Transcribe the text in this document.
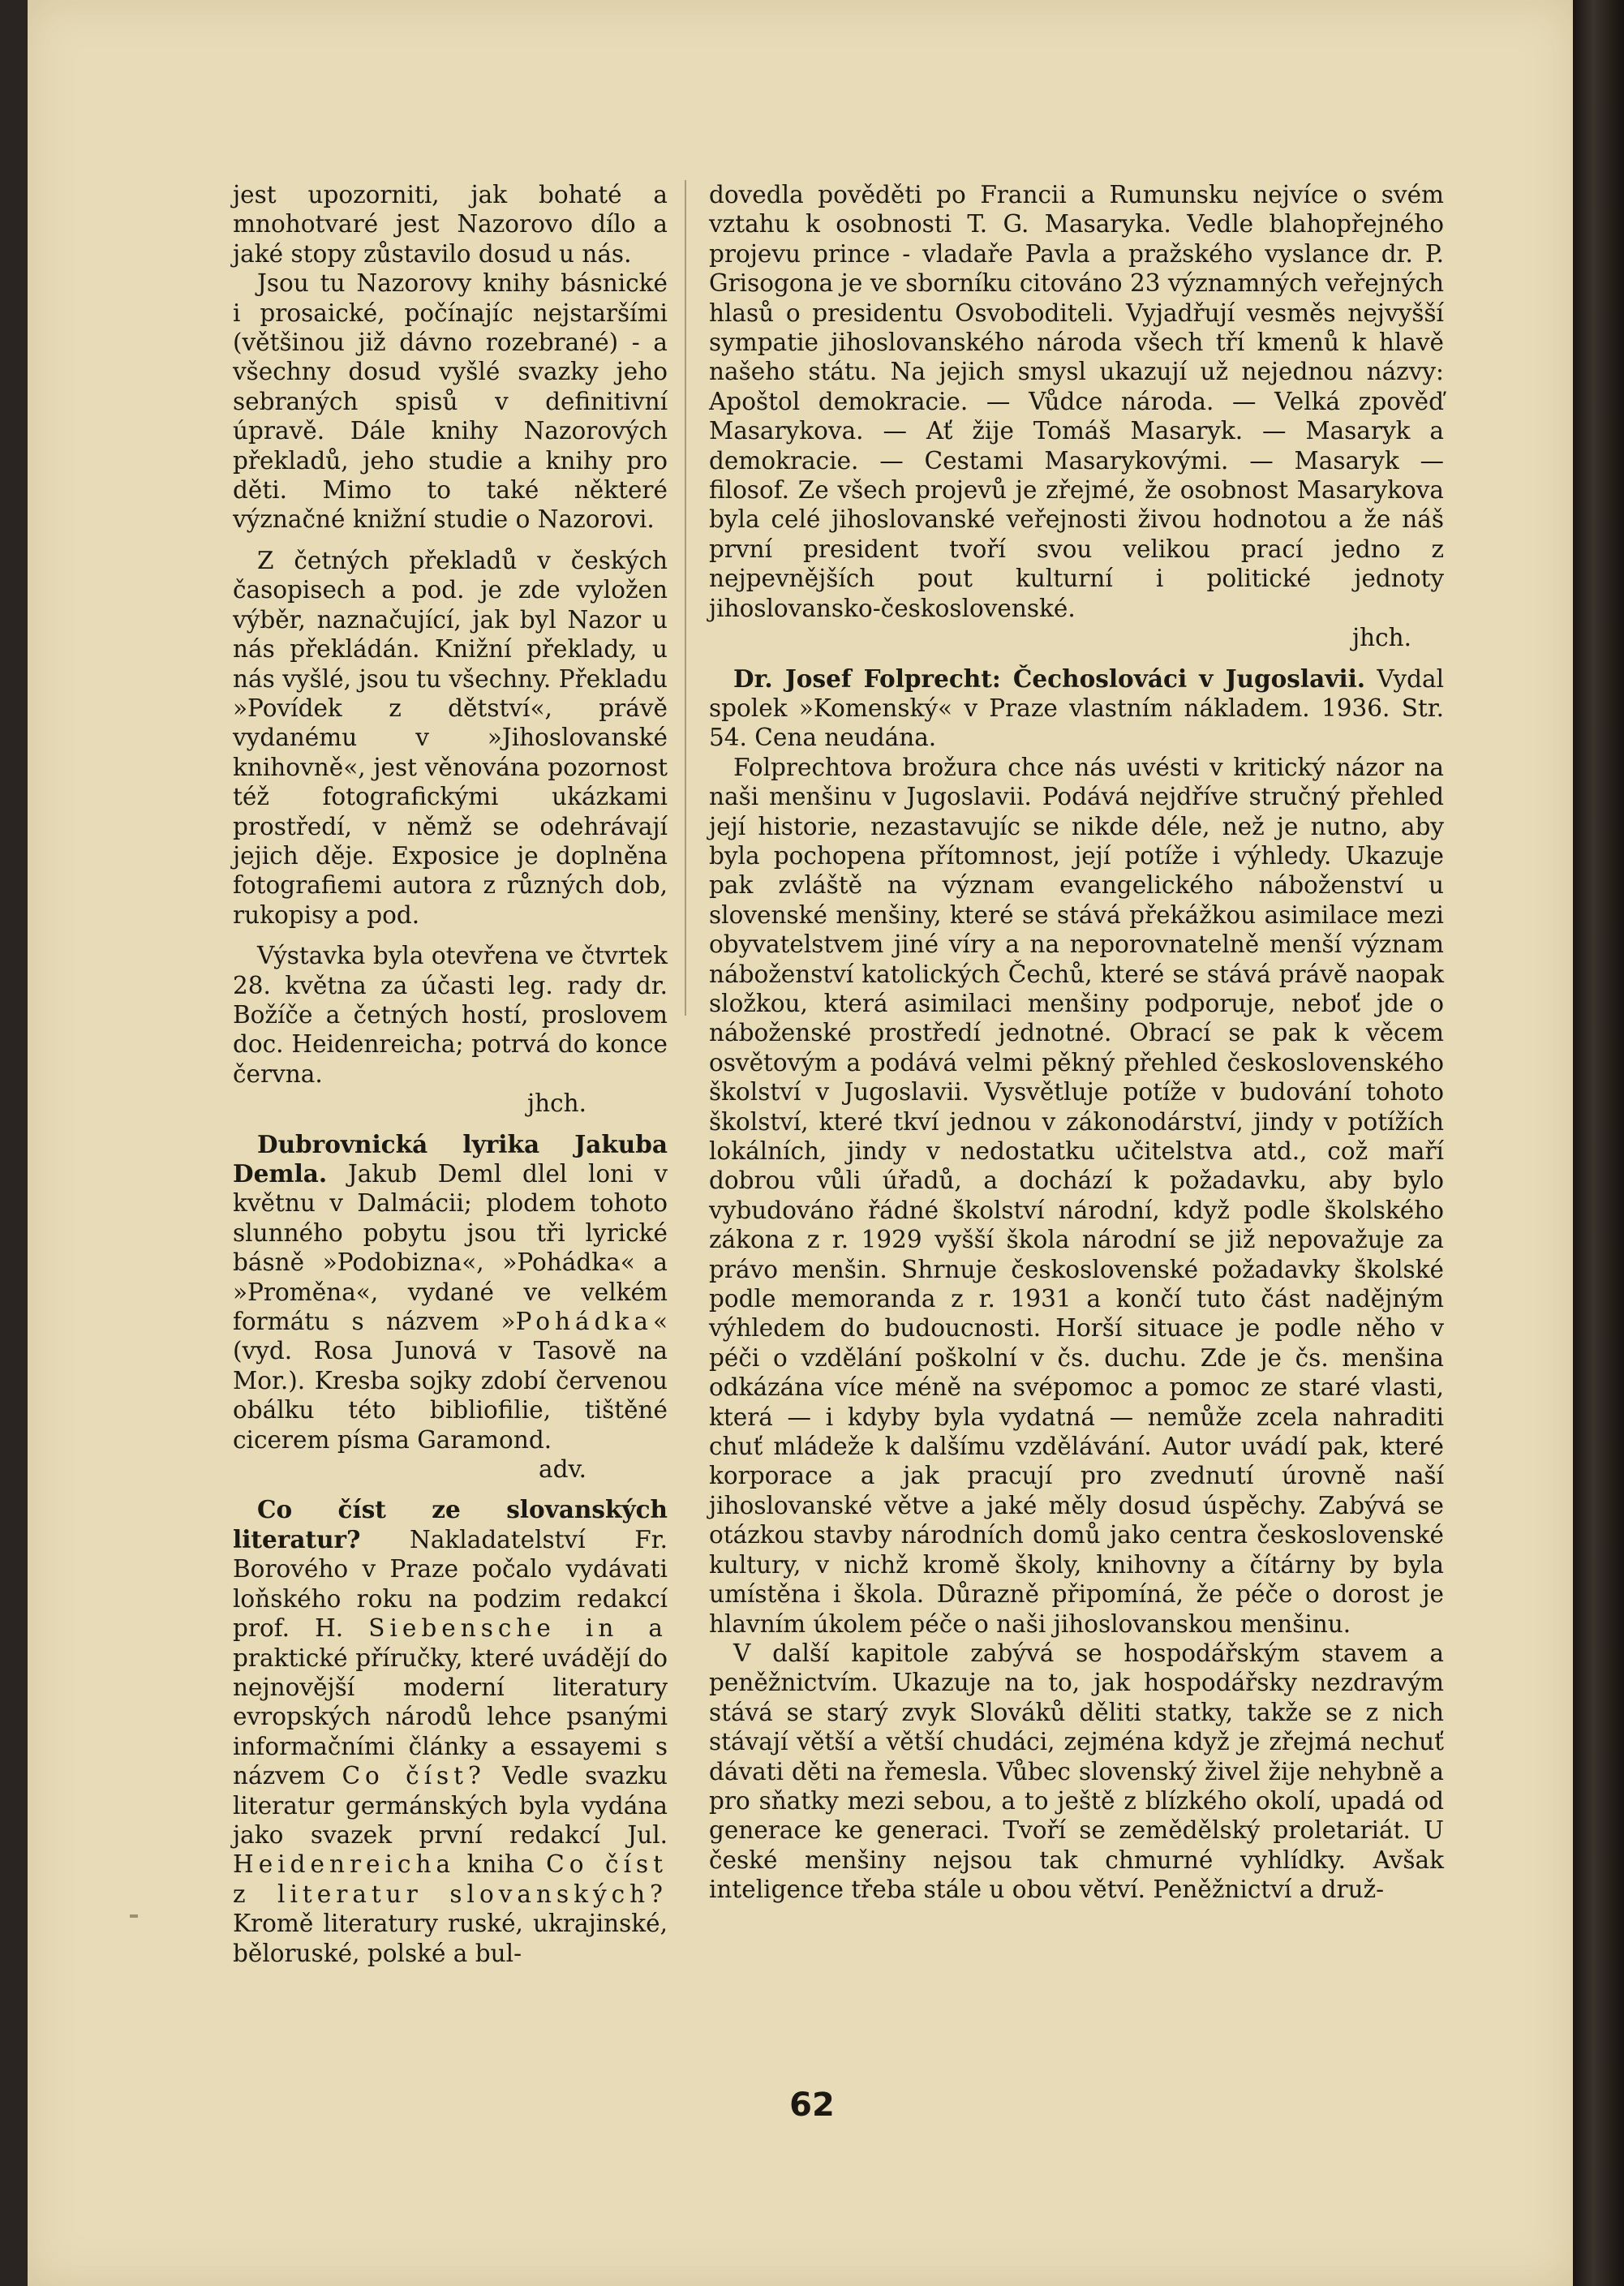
jest upozorniti, jak bohaté a mnohotvaré jest Nazorovo dílo a jaké stopy zůstavilo dosud u nás.

Jsou tu Nazorovy knihy básnické i prosaické, počínajíc nejstaršími (většinou již dávno rozebrané) - a všechny dosud vyšlé svazky jeho sebraných spisů v definitivní úpravě. Dále knihy Nazorových překladů, jeho studie a knihy pro děti. Mimo to také některé význačné knižní studie o Nazorovi.

Z četných překladů v českých časopisech a pod. je zde vyložen výběr, naznačující, jak byl Nazor u nás překládán. Knižní překlady, u nás vyšlé, jsou tu všechny. Překladu »Povídek z dětství«, právě vydanému v »Jihoslovanské knihovně«, jest věnována pozornost též fotografickými ukázkami prostředí, v němž se odehrávají jejich děje. Exposice je doplněna fotografiemi autora z různých dob, rukopisy a pod.

Výstavka byla otevřena ve čtvrtek 28. května za účasti leg. rady dr. Božíče a četných hostí, proslovem doc. Heidenreicha; potrvá do konce června.

jhch.

Dubrovnická lyrika Jakuba Demla. Jakub Deml dlel loni v květnu v Dalmácii; plodem tohoto slunného pobytu jsou tři lyrické básně »Podobizna«, »Pohádka« a »Proměna«, vydané ve velkém formátu s názvem »Pohádka« (vyd. Rosa Junová v Tasově na Mor.). Kresba sojky zdobí červenou obálku této bibliofilie, tištěné cicerem písma Garamond.

adv.

Co číst ze slovanských literatur? Nakladatelství Fr. Borového v Praze počalo vydávati loňského roku na podzim redakcí prof. H. Siebensche in a praktické příručky, které uvádějí do nejnovější moderní literatury evropských národů lehce psanými informačními články a essayemi s názvem Co číst? Vedle svazku literatur germánských byla vydána jako svazek první redakcí Jul. Heidenreicha kniha Co číst z literatur slovanských? Kromě literatury ruské, ukrajinské, běloruské, polské a bul-

dovedla pověděti po Francii a Rumunsku nejvíce o svém vztahu k osobnosti T. G. Masaryka. Vedle blahopřejného projevu prince - vladaře Pavla a pražského vyslance dr. P. Grisogona je ve sborníku citováno 23 významných veřejných hlasů o presidentu Osvoboditeli. Vyjadřují vesměs nejvyšší sympatie jihoslovanského národa všech tří kmenů k hlavě našeho státu. Na jejich smysl ukazují už nejednou názvy: Apoštol demokracie. — Vůdce národa. — Velká zpověď Masarykova. — Ať žije Tomáš Masaryk. — Masaryk a demokracie. — Cestami Masarykovými. — Masaryk — filosof. Ze všech projevů je zřejmé, že osobnost Masarykova byla celé jihoslovanské veřejnosti živou hodnotou a že náš první president tvoří svou velikou prací jedno z nejpevnějších pout kulturní i politické jednoty jihoslovansko-československé.

jhch.

Dr. Josef Folprecht: Čechoslováci v Jugoslavii. Vydal spolek »Komenský« v Praze vlastním nákladem. 1936. Str. 54. Cena neudána.

Folprechtova brožura chce nás uvésti v kritický názor na naši menšinu v Jugoslavii. Podává nejdříve stručný přehled její historie, nezastavujíc se nikde déle, než je nutno, aby byla pochopena přítomnost, její potíže i výhledy. Ukazuje pak zvláště na význam evangelického náboženství u slovenské menšiny, které se stává překážkou asimilace mezi obyvatelstvem jiné víry a na neporovnatelně menší význam náboženství katolických Čechů, které se stává právě naopak složkou, která asimilaci menšiny podporuje, neboť jde o náboženské prostředí jednotné. Obrací se pak k věcem osvětovým a podává velmi pěkný přehled československého školství v Jugoslavii. Vysvětluje potíže v budování tohoto školství, které tkví jednou v zákonodárství, jindy v potížích lokálních, jindy v nedostatku učitelstva atd., což maří dobrou vůli úřadů, a dochází k požadavku, aby bylo vybudováno řádné školství národní, když podle školského zákona z r. 1929 vyšší škola národní se již nepovažuje za právo menšin. Shrnuje československé požadavky školské podle memoranda z r. 1931 a končí tuto část nadějným výhledem do budoucnosti. Horší situace je podle něho v péči o vzdělání poškolní v čs. duchu. Zde je čs. menšina odkázána více méně na svépomoc a pomoc ze staré vlasti, která — i kdyby byla vydatná — nemůže zcela nahraditi chuť mládeže k dalšímu vzdělávání. Autor uvádí pak, které korporace a jak pracují pro zvednutí úrovně naší jihoslovanské větve a jaké měly dosud úspěchy. Zabývá se otázkou stavby národních domů jako centra československé kultury, v nichž kromě školy, knihovny a čítárny by byla umístěna i škola. Důrazně připomíná, že péče o dorost je hlavním úkolem péče o naši jihoslovanskou menšinu.

V další kapitole zabývá se hospodářským stavem a peněžnictvím. Ukazuje na to, jak hospodářsky nezdravým stává se starý zvyk Slováků děliti statky, takže se z nich stávají větší a větší chudáci, zejména když je zřejmá nechuť dávati děti na řemesla. Vůbec slovenský živel žije nehybně a pro sňatky mezi sebou, a to ještě z blízkého okolí, upadá od generace ke generaci. Tvoří se zemědělský proletariát. U české menšiny nejsou tak chmurné vyhlídky. Avšak inteligence třeba stále u obou větví. Peněžnictví a druž-

62
